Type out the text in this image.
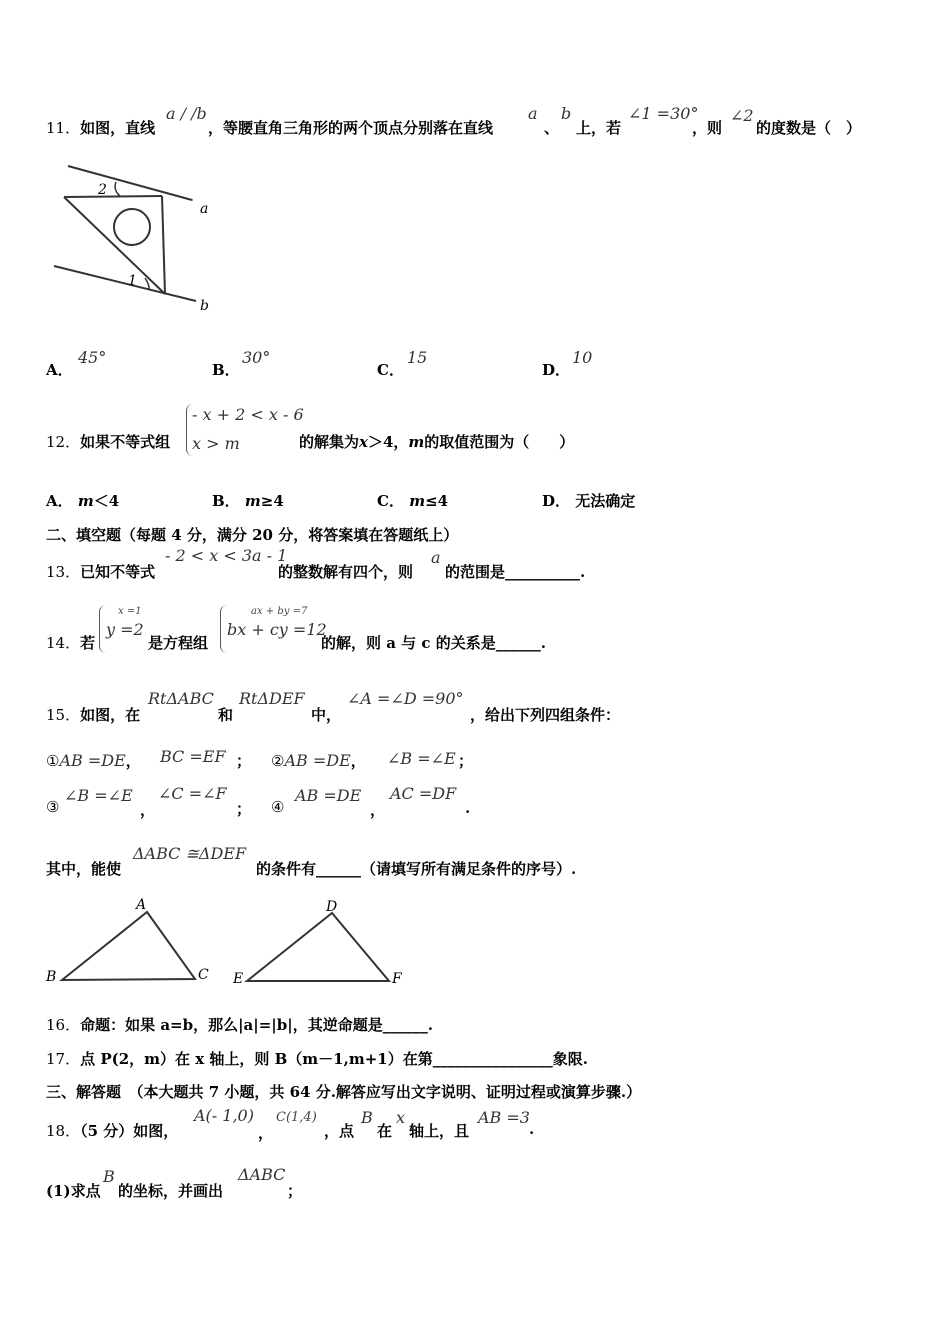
11．如图，直线
a / /b
，等腰直角三角形的两个顶点分别落在直线
a
、
b
上，若
∠1 =30°
，则
∠2
的度数是（　）
2
1
a
b
A．
45°
B．
30°
C．
15
D．
10
12．如果不等式组
- x + 2 < x - 6
x > m	的解集为x＞4，m的取值范围为（　　）
A． m＜4	B． m≥4	C． m≤4	D． 无法确定
二、填空题（每题 4 分，满分 20 分，将答案填在答题纸上）
13．已知不等式
- 2 < x < 3a - 1
的整数解有四个，则
a
的范围是__________.
14．若
x =1
y =2
是方程组
ax + by =7
bx + cy =12
的解，则 a 与 c 的关系是______.
15．如图，在
RtΔABC
和
RtΔDEF
中，
∠A =∠D =90°
，给出下列四组条件：
①AB =DE， BC =EF ； ②AB =DE， ∠B =∠E ；
③
∠B =∠E
，
∠C =∠F
； ④
AB =DE
，
AC =DF
.
其中，能使
ΔABC ≅ΔDEF
的条件有______（请填写所有满足条件的序号）.
A
B	C
D
E	F
16．命题：如果 a=b，那么|a|=|b|，其逆命题是______.
17．点 P(2，m）在 x 轴上，则 B（m－1,m+1）在第________________象限.
三、解答题　（本大题共 7 小题，共 64 分.解答应写出文字说明、证明过程或演算步骤.）
18．（5 分）如图，
A(- 1,0)
，
C(1,4)
，点
B
在
x
轴上，且
AB =3
.
(1)求点
B
的坐标，并画出
ΔABC
；
